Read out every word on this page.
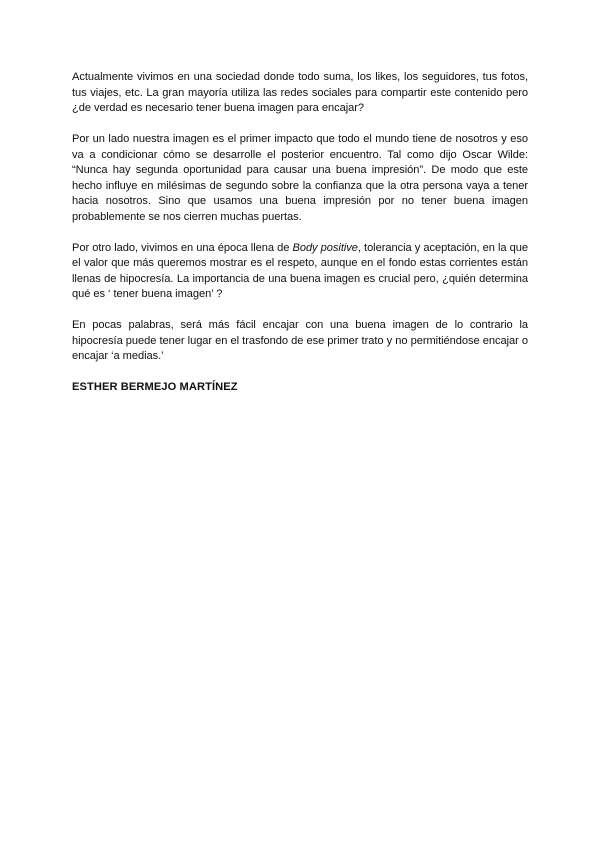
Actualmente vivimos en una sociedad donde todo suma, los likes, los seguidores, tus fotos, tus viajes, etc. La gran mayoría utiliza las redes sociales para compartir este contenido pero ¿de verdad es necesario tener buena imagen para encajar?

Por un lado nuestra imagen es el primer impacto que todo el mundo tiene de nosotros y eso va a condicionar cómo se desarrolle el posterior encuentro. Tal como dijo Oscar Wilde: “Nunca hay segunda oportunidad para causar una buena impresión”. De modo que este hecho influye en milésimas de segundo sobre la confianza que la otra persona vaya a tener hacia nosotros. Sino que usamos una buena impresión por no tener buena imagen probablemente se nos cierren muchas puertas.

Por otro lado, vivimos en una época llena de Body positive, tolerancia y aceptación, en la que el valor que más queremos mostrar es el respeto, aunque en el fondo estas corrientes están llenas de hipocresía. La importancia de una buena imagen es crucial pero, ¿quién determina qué es ‘ tener buena imagen’ ?

En pocas palabras, será más fácil encajar con una buena imagen de lo contrario la hipocresía puede tener lugar en el trasfondo de ese primer trato y no permitiéndose encajar o encajar ‘a medias.’

ESTHER BERMEJO MARTÍNEZ
